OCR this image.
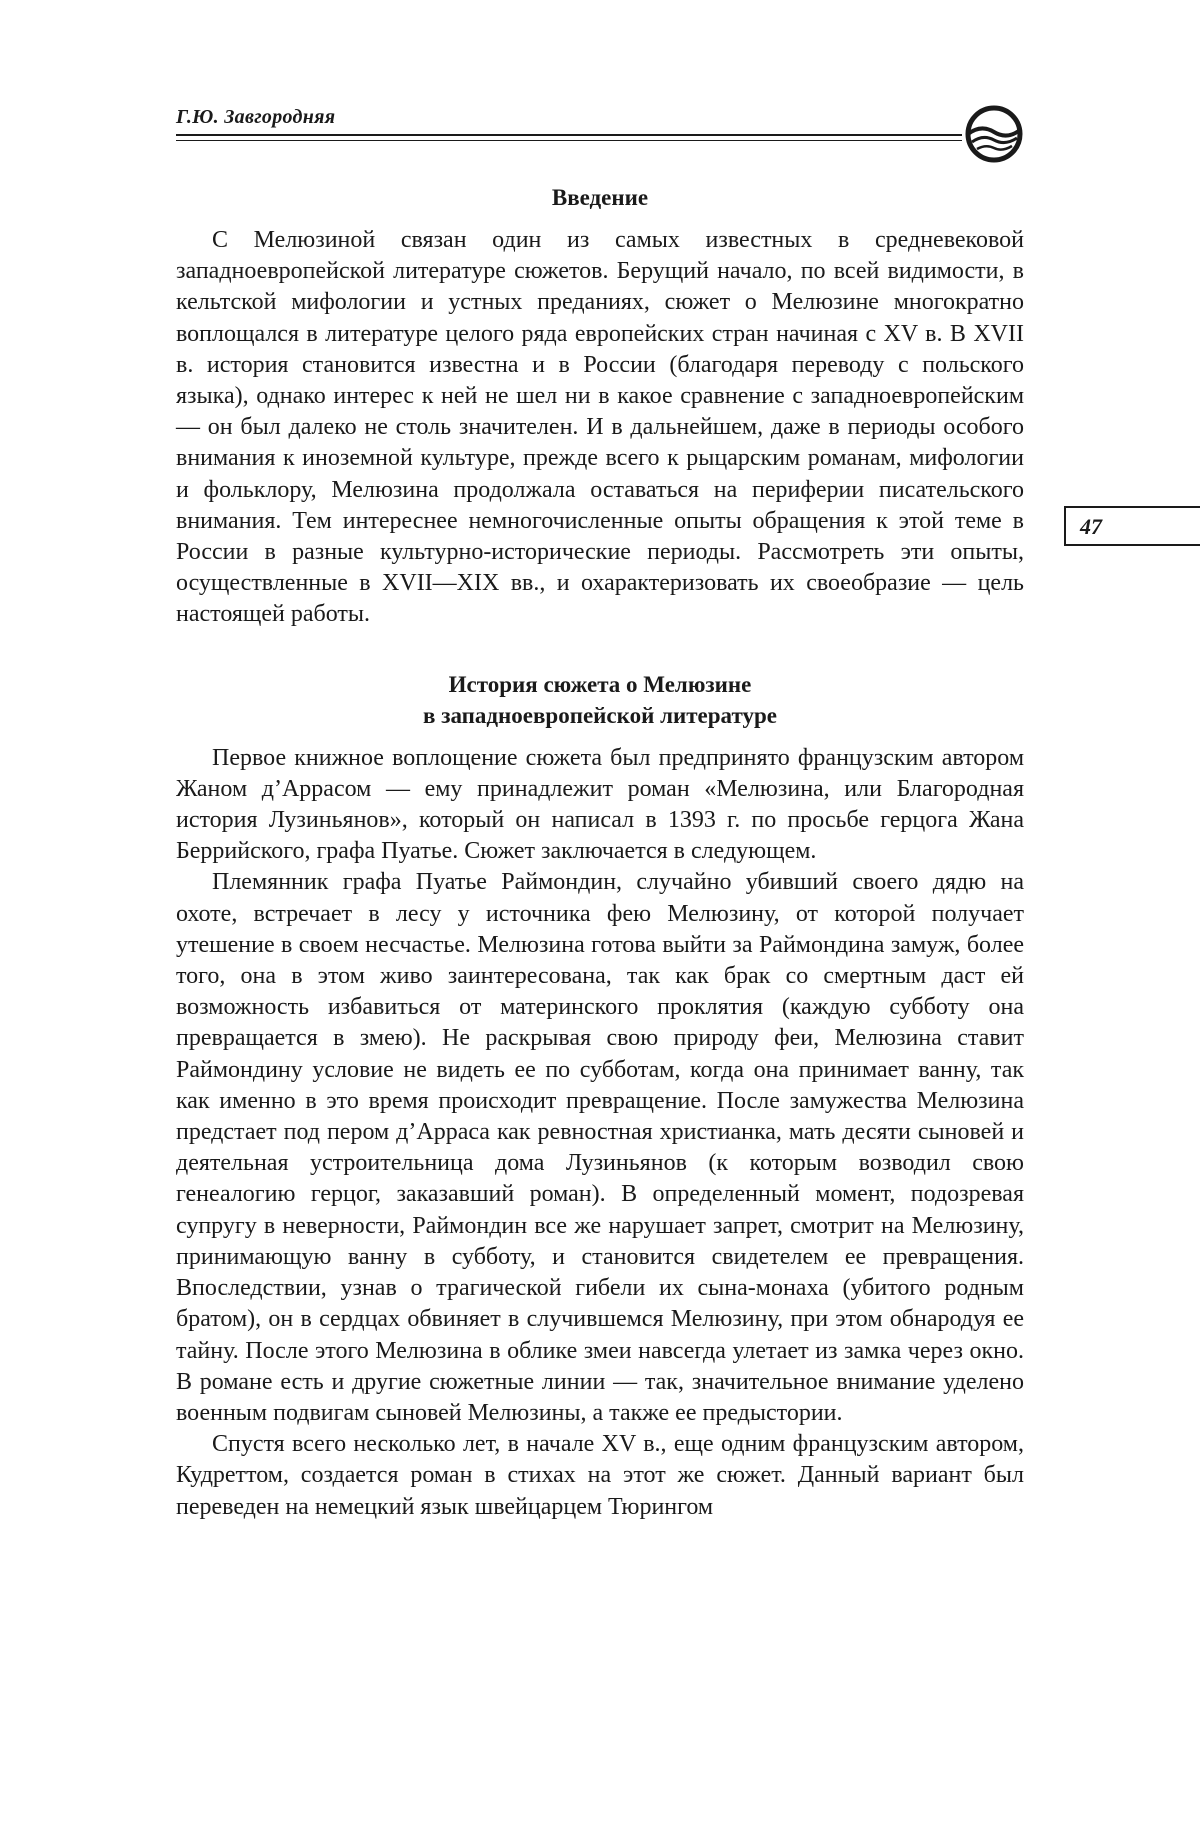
Г.Ю. Завгородняя
47
Введение

С Мелюзиной связан один из самых известных в средневековой западноевропейской литературе сюжетов. Берущий начало, по всей видимости, в кельтской мифологии и устных преданиях, сюжет о Мелюзине многократно воплощался в литературе целого ряда европейских стран начиная с XV в. В XVII в. история становится известна и в России (благодаря переводу с польского языка), однако интерес к ней не шел ни в какое сравнение с западноевропейским — он был далеко не столь значителен. И в дальнейшем, даже в периоды особого внимания к иноземной культуре, прежде всего к рыцарским романам, мифологии и фольклору, Мелюзина продолжала оставаться на периферии писательского внимания. Тем интереснее немногочисленные опыты обращения к этой теме в России в разные культурно-исторические периоды. Рассмотреть эти опыты, осуществленные в XVII—XIX вв., и охарактеризовать их своеобразие — цель настоящей работы.

История сюжета о Мелюзине
в западноевропейской литературе

Первое книжное воплощение сюжета был предпринято французским автором Жаном д’Аррасом — ему принадлежит роман «Мелюзина, или Благородная история Лузиньянов», который он написал в 1393 г. по просьбе герцога Жана Беррийского, графа Пуатье. Сюжет заключается в следующем.

Племянник графа Пуатье Раймондин, случайно убивший своего дядю на охоте, встречает в лесу у источника фею Мелюзину, от которой получает утешение в своем несчастье. Мелюзина готова выйти за Раймондина замуж, более того, она в этом живо заинтересована, так как брак со смертным даст ей возможность избавиться от материнского проклятия (каждую субботу она превращается в змею). Не раскрывая свою природу феи, Мелюзина ставит Раймондину условие не видеть ее по субботам, когда она принимает ванну, так как именно в это время происходит превращение. После замужества Мелюзина предстает под пером д’Арраса как ревностная христианка, мать десяти сыновей и деятельная устроительница дома Лузиньянов (к которым возводил свою генеалогию герцог, заказавший роман). В определенный момент, подозревая супругу в неверности, Раймондин все же нарушает запрет, смотрит на Мелюзину, принимающую ванну в субботу, и становится свидетелем ее превращения. Впоследствии, узнав о трагической гибели их сына-монаха (убитого родным братом), он в сердцах обвиняет в случившемся Мелюзину, при этом обнародуя ее тайну. После этого Мелюзина в облике змеи навсегда улетает из замка через окно. В романе есть и другие сюжетные линии — так, значительное внимание уделено военным подвигам сыновей Мелюзины, а также ее предыстории.

Спустя всего несколько лет, в начале XV в., еще одним французским автором, Кудреттом, создается роман в стихах на этот же сюжет. Данный вариант был переведен на немецкий язык швейцарцем Тюрингом
